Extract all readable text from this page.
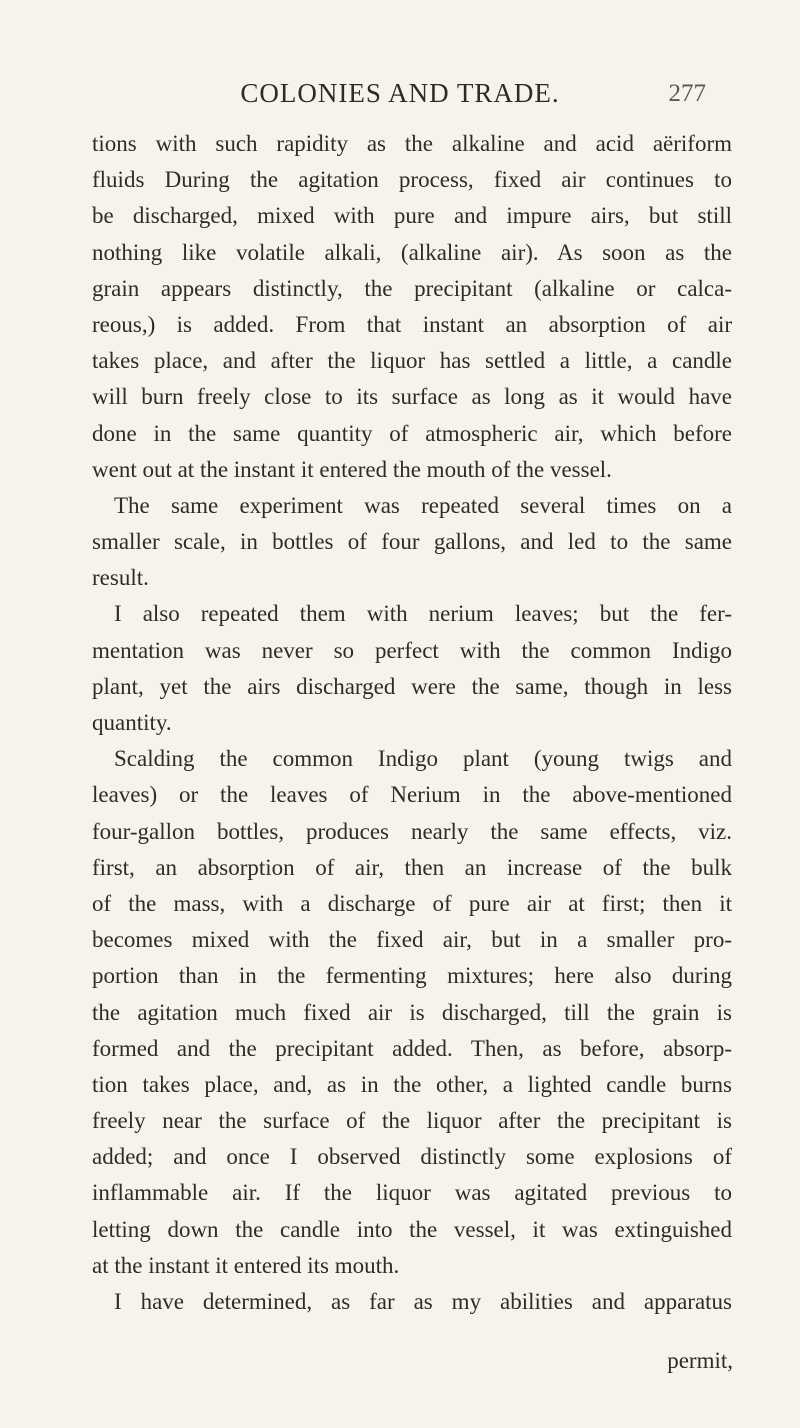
COLONIES AND TRADE.	277
tions with such rapidity as the alkaline and acid aëriform
fluids During the agitation process, fixed air continues to
be discharged, mixed with pure and impure airs, but still
nothing like volatile alkali, (alkaline air). As soon as the
grain appears distinctly, the precipitant (alkaline or calca-
reous,) is added. From that instant an absorption of air
takes place, and after the liquor has settled a little, a candle
will burn freely close to its surface as long as it would have
done in the same quantity of atmospheric air, which before
went out at the instant it entered the mouth of the vessel.
The same experiment was repeated several times on a
smaller scale, in bottles of four gallons, and led to the same
result.
I also repeated them with nerium leaves; but the fer-
mentation was never so perfect with the common Indigo
plant, yet the airs discharged were the same, though in less
quantity.
Scalding the common Indigo plant (young twigs and
leaves) or the leaves of Nerium in the above-mentioned
four-gallon bottles, produces nearly the same effects, viz.
first, an absorption of air, then an increase of the bulk
of the mass, with a discharge of pure air at first; then it
becomes mixed with the fixed air, but in a smaller pro-
portion than in the fermenting mixtures; here also during
the agitation much fixed air is discharged, till the grain is
formed and the precipitant added. Then, as before, absorp-
tion takes place, and, as in the other, a lighted candle burns
freely near the surface of the liquor after the precipitant is
added; and once I observed distinctly some explosions of
inflammable air. If the liquor was agitated previous to
letting down the candle into the vessel, it was extinguished
at the instant it entered its mouth.
I have determined, as far as my abilities and apparatus
permit,
